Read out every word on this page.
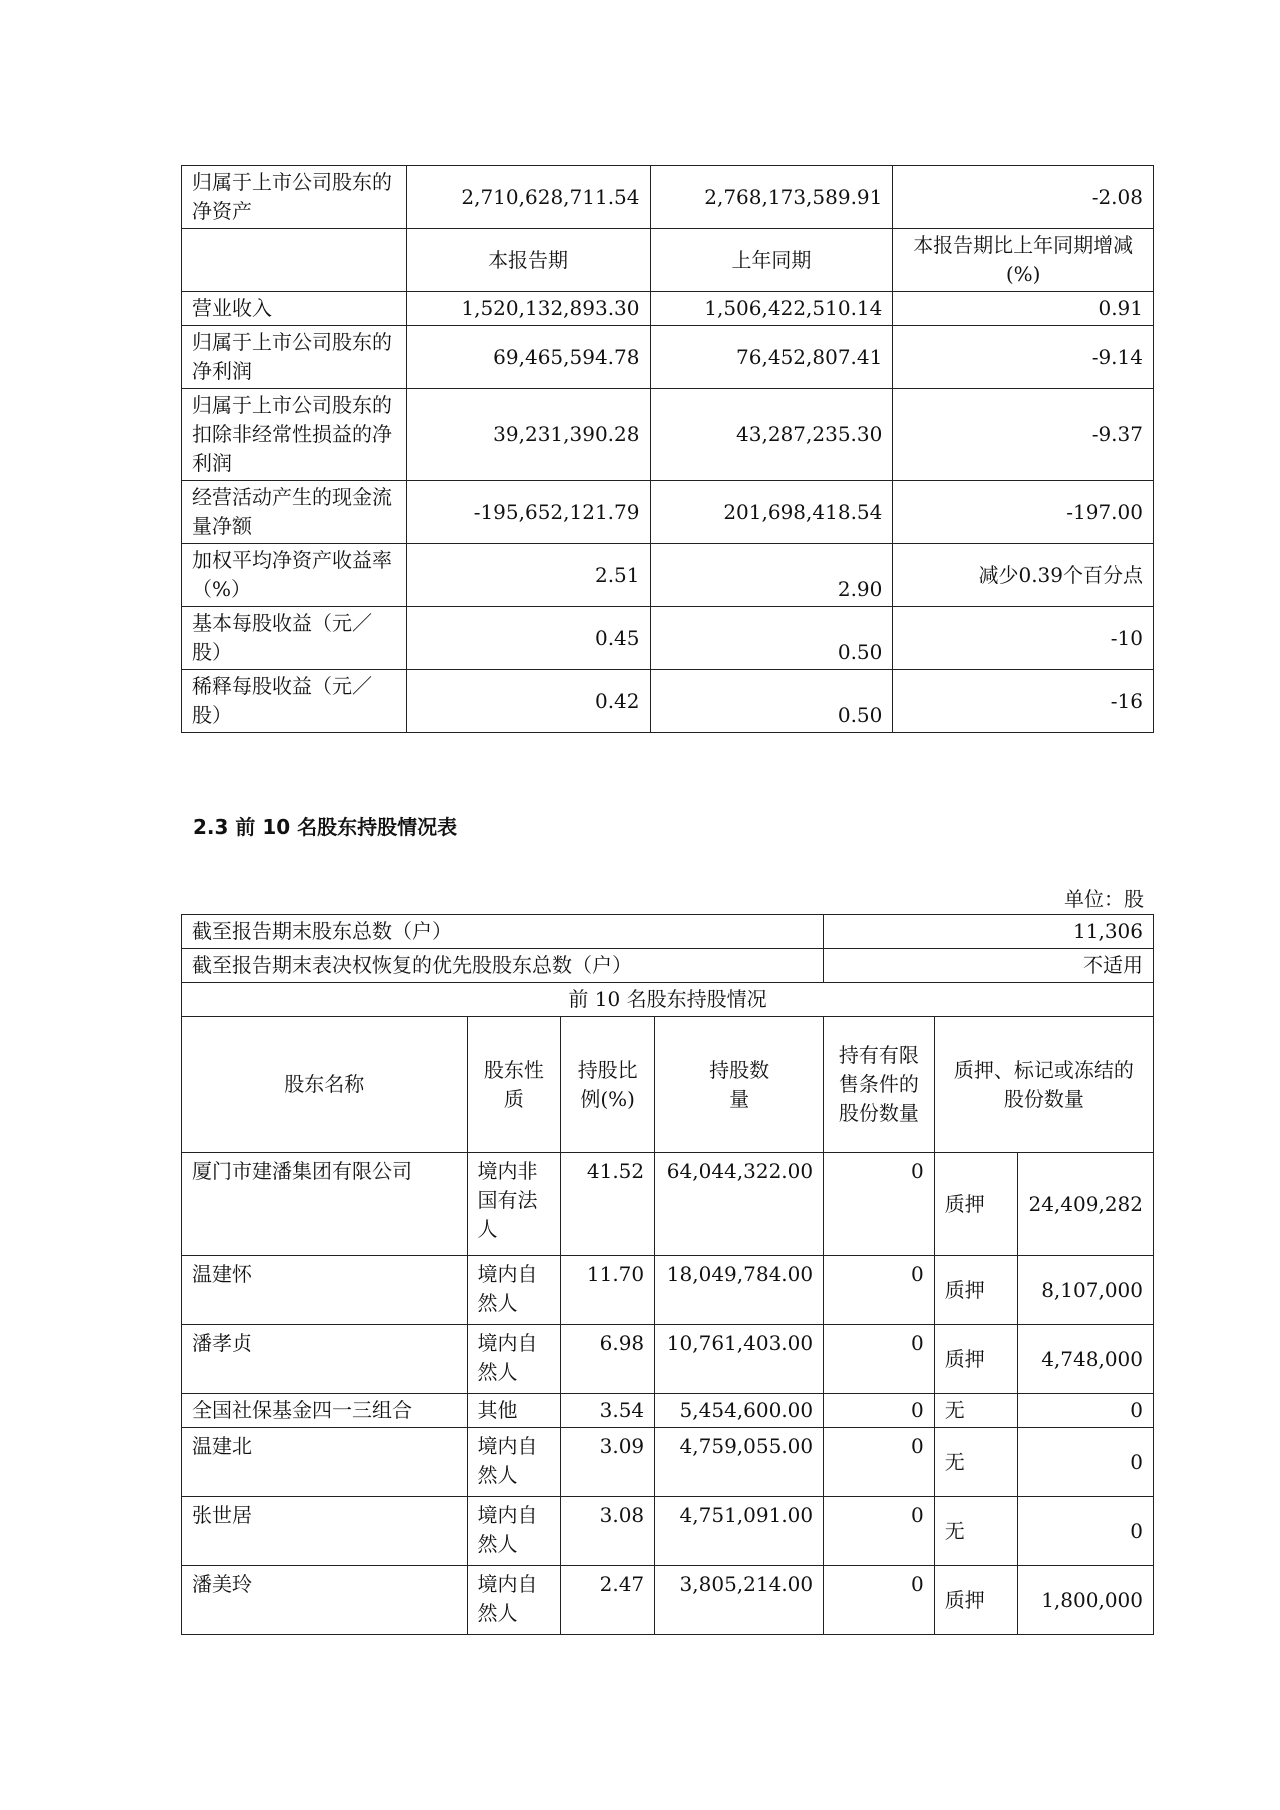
归属于上市公司股东的净资产	2,710,628,711.54	2,768,173,589.91	-2.08
	本报告期	上年同期	本报告期比上年同期增减(%)
营业收入	1,520,132,893.30	1,506,422,510.14	0.91
归属于上市公司股东的净利润	69,465,594.78	76,452,807.41	-9.14
归属于上市公司股东的扣除非经常性损益的净利润	39,231,390.28	43,287,235.30	-9.37
经营活动产生的现金流量净额	-195,652,121.79	201,698,418.54	-197.00
加权平均净资产收益率（%）	2.51	2.90	减少0.39个百分点
基本每股收益（元／股）	0.45	0.50	-10
稀释每股收益（元／股）	0.42	0.50	-16
2.3 前 10 名股东持股情况表
单位：股
截至报告期末股东总数（户）				11,306		
截至报告期末表决权恢复的优先股股东总数（户）				不适用		
前 10 名股东持股情况						
股东名称	股东性质	持股比例(%)	持股数量	持有有限售条件的股份数量	质押、标记或冻结的股份数量	
厦门市建潘集团有限公司	境内非国有法人	41.52	64,044,322.00	0	质押	24,409,282
温建怀	境内自然人	11.70	18,049,784.00	0	质押	8,107,000
潘孝贞	境内自然人	6.98	10,761,403.00	0	质押	4,748,000
全国社保基金四一三组合	其他	3.54	5,454,600.00	0	无	0
温建北	境内自然人	3.09	4,759,055.00	0	无	0
张世居	境内自然人	3.08	4,751,091.00	0	无	0
潘美玲	境内自然人	2.47	3,805,214.00	0	质押	1,800,000
